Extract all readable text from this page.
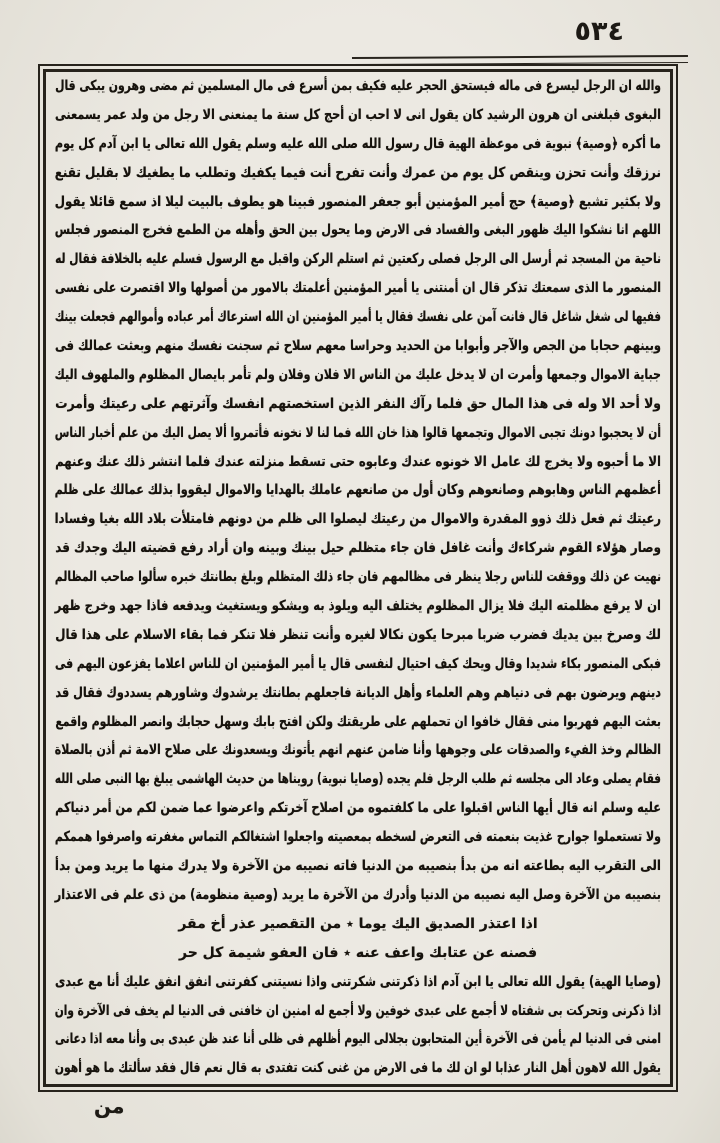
٥٣٤
والله ان الرجل ليسرع فى ماله فيستحق الحجر عليه فكيف بمن أسرع فى مال المسلمين ثم مضى وهرون يبكى قال
البغوى فبلغنى ان هرون الرشيد كان يقول انى لا احب ان أحج كل سنة ما يمنعنى الا رجل من ولد عمر يسمعنى
ما أكره ﴿وصية﴾ نبوية فى موعظة الهية قال رسول الله صلى الله عليه وسلم يقول الله تعالى يا ابن آدم كل يوم
نرزقك وأنت تحزن وينقص كل يوم من عمرك وأنت تفرح أنت فيما يكفيك وتطلب ما يطغيك لا بقليل تقنع
ولا بكثير تشبع ﴿وصية﴾ حج أمير المؤمنين أبو جعفر المنصور فبينا هو يطوف بالبيت ليلا اذ سمع قائلا يقول
اللهم انا نشكوا اليك ظهور البغى والفساد فى الارض وما يحول بين الحق وأهله من الطمع فخرج المنصور فجلس
ناحية من المسجد ثم أرسل الى الرجل فصلى ركعتين ثم استلم الركن واقبل مع الرسول فسلم عليه بالخلافة فقال له
المنصور ما الذى سمعتك تذكر قال ان أمنتنى يا أمير المؤمنين أعلمتك بالامور من أصولها والا اقتصرت على نفسى
ففيها لى شغل شاغل قال فانت آمن على نفسك فقال يا أمير المؤمنين ان الله استرعاك أمر عباده وأموالهم فجعلت بينك
وبينهم حجابا من الجص والآجر وأبوابا من الحديد وحراسا معهم سلاح ثم سجنت نفسك منهم وبعثت عمالك فى
جباية الاموال وجمعها وأمرت ان لا يدخل عليك من الناس الا فلان وفلان ولم تأمر بايصال المظلوم والملهوف اليك
ولا أحد الا وله فى هذا المال حق فلما رآك النفر الذين استخصتهم انفسك وآثرتهم على رعيتك وأمرت
أن لا يحجبوا دونك تجبى الاموال وتجمعها قالوا هذا خان الله فما لنا لا نخونه فأتمروا ألا يصل اليك من علم أخبار الناس
الا ما أحبوه ولا يخرج لك عامل الا خونوه عندك وعابوه حتى تسقط منزلته عندك فلما انتشر ذلك عنك وعنهم
أعظمهم الناس وهابوهم وصانعوهم وكان أول من صانعهم عاملك بالهدايا والاموال ليقووا بذلك عمالك على ظلم
رعيتك ثم فعل ذلك ذوو المقدرة والاموال من رعيتك ليصلوا الى ظلم من دونهم فامتلأت بلاد الله بغيا وفسادا
وصار هؤلاء القوم شركاءك وأنت غافل فان جاء متظلم حيل بينك وبينه وان أراد رفع قضيته اليك وجدك قد
نهيت عن ذلك ووقفت للناس رجلا ينظر فى مظالمهم فان جاء ذلك المتظلم وبلغ بطانتك خبره سألوا صاحب المظالم
ان لا يرفع مظلمته اليك فلا يزال المظلوم يختلف اليه ويلوذ به ويشكو ويستغيث ويدفعه فاذا جهد وخرج ظهر
لك وصرخ بين يديك فضرب ضربا مبرحا يكون نكالا لغيره وأنت تنظر فلا تنكر فما بقاء الاسلام على هذا قال
فبكى المنصور بكاء شديدا وقال ويحك كيف احتيال لنفسى قال يا أمير المؤمنين ان للناس اعلاما يفزعون اليهم فى
دينهم ويرضون بهم فى دنياهم وهم العلماء وأهل الديانة فاجعلهم بطانتك يرشدوك وشاورهم يسددوك فقال قد
بعثت اليهم فهربوا منى فقال خافوا ان تحملهم على طريقتك ولكن افتح بابك وسهل حجابك وانصر المظلوم واقمع
الظالم وخذ الفيء والصدقات على وجوهها وأنا ضامن عنهم انهم يأتونك ويسعدونك على صلاح الامة ثم أذن بالصلاة
فقام يصلى وعاد الى مجلسه ثم طلب الرجل فلم يجده (وصايا نبوية) رويناها من حديث الهاشمى يبلغ بها النبى صلى الله
عليه وسلم انه قال أيها الناس اقبلوا على ما كلفتموه من اصلاح آخرتكم واعرضوا عما ضمن لكم من أمر دنياكم
ولا تستعملوا جوارح غذيت بنعمته فى التعرض لسخطه بمعصيته واجعلوا اشتغالكم التماس مغفرته واصرفوا هممكم
الى التقرب اليه بطاعته انه من بدأ بنصيبه من الدنيا فاته نصيبه من الآخرة ولا يدرك منها ما يريد ومن بدأ
بنصيبه من الآخرة وصل اليه نصيبه من الدنيا وأدرك من الآخرة ما يريد (وصية منظومة) من ذى علم فى الاعتذار
اذا اعتذر الصديق اليك يوما ٭ من التقصير عذر أخ مقر
فصنه عن عتابك واعف عنه ٭ فان العفو شيمة كل حر
(وصايا الهية) يقول الله تعالى يا ابن آدم اذا ذكرتنى شكرتنى واذا نسيتنى كفرتنى انفق انفق عليك أنا مع عبدى
اذا ذكرنى وتحركت بى شفتاه لا أجمع على عبدى خوفين ولا أجمع له امنين ان خافنى فى الدنيا لم يخف فى الآخرة وان
امنى فى الدنيا لم يأمن فى الآخرة أين المتحابون بجلالى اليوم أظلهم فى ظلى أنا عند ظن عبدى بى وأنا معه اذا دعانى
يقول الله لاهون أهل النار عذابا لو ان لك ما فى الارض من غنى كنت تفتدى به قال نعم قال فقد سألتك ما هو أهون
من
